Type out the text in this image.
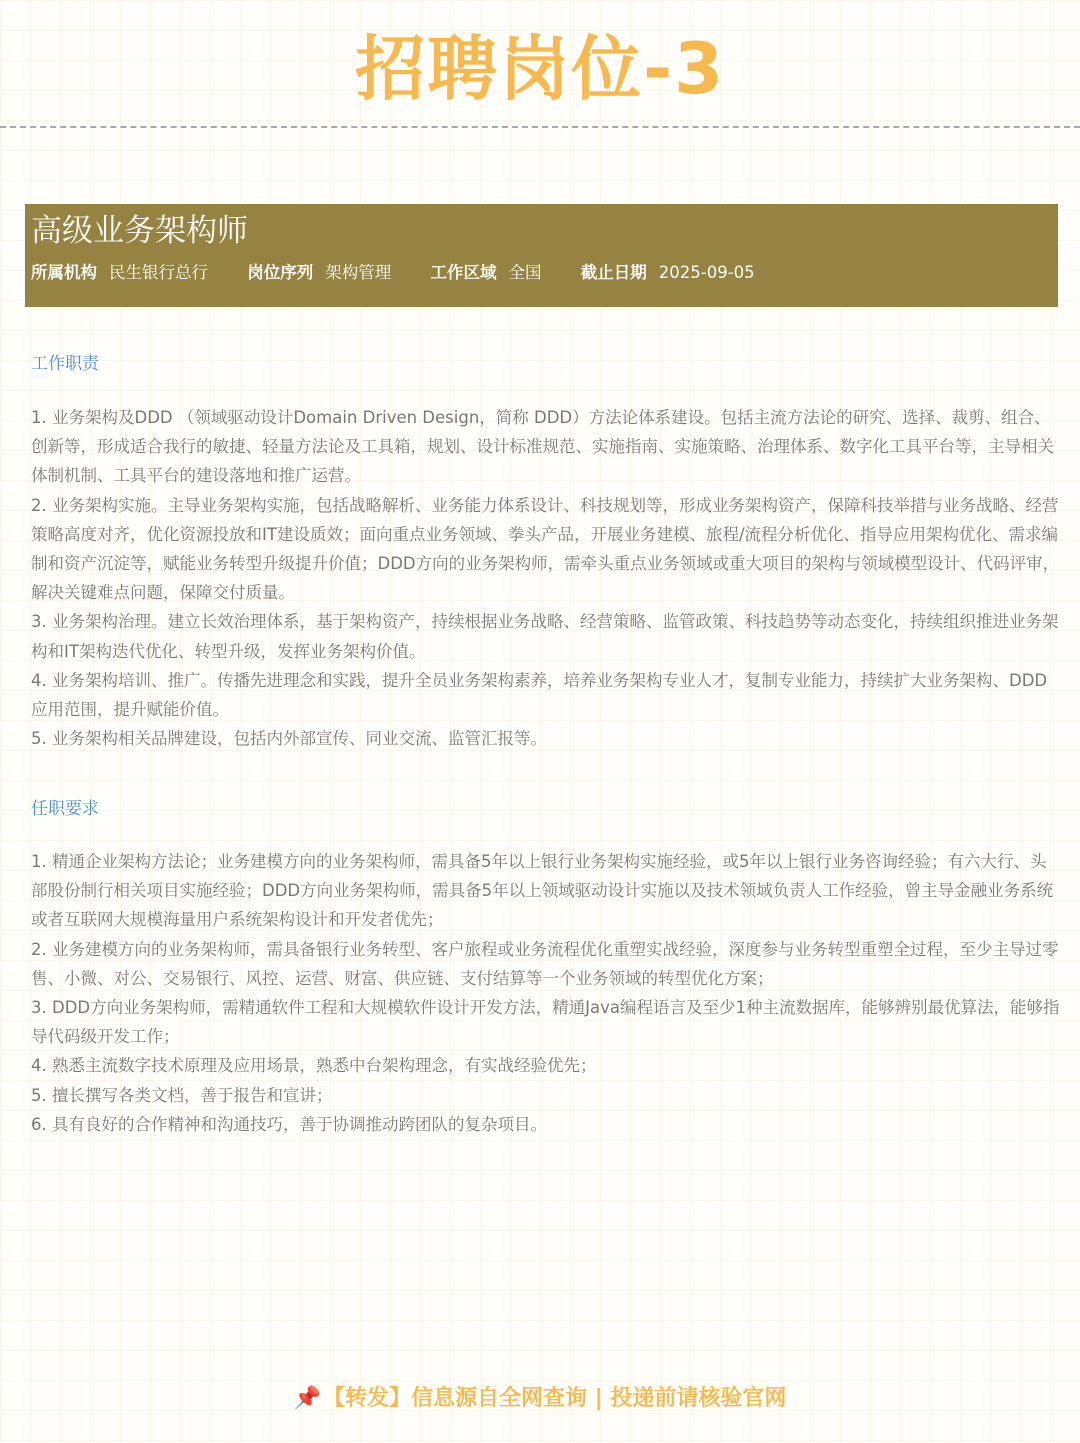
招聘岗位-3
高级业务架构师
所属机构 民生银行总行 岗位序列 架构管理 工作区域 全国 截止日期 2025-09-05
工作职责

1. 业务架构及DDD （领域驱动设计Domain Driven Design，简称 DDD）方法论体系建设。包括主流方法论的研究、选择、裁剪、组合、创新等，形成适合我行的敏捷、轻量方法论及工具箱，规划、设计标准规范、实施指南、实施策略、治理体系、数字化工具平台等，主导相关体制机制、工具平台的建设落地和推广运营。

2. 业务架构实施。主导业务架构实施，包括战略解析、业务能力体系设计、科技规划等，形成业务架构资产，保障科技举措与业务战略、经营策略高度对齐，优化资源投放和IT建设质效；面向重点业务领域、拳头产品，开展业务建模、旅程/流程分析优化、指导应用架构优化、需求编制和资产沉淀等，赋能业务转型升级提升价值；DDD方向的业务架构师，需牵头重点业务领域或重大项目的架构与领域模型设计、代码评审，解决关键难点问题，保障交付质量。

3. 业务架构治理。建立长效治理体系，基于架构资产，持续根据业务战略、经营策略、监管政策、科技趋势等动态变化，持续组织推进业务架构和IT架构迭代优化、转型升级，发挥业务架构价值。

4. 业务架构培训、推广。传播先进理念和实践，提升全员业务架构素养，培养业务架构专业人才，复制专业能力，持续扩大业务架构、DDD应用范围，提升赋能价值。

5. 业务架构相关品牌建设，包括内外部宣传、同业交流、监管汇报等。

任职要求

1. 精通企业架构方法论；业务建模方向的业务架构师，需具备5年以上银行业务架构实施经验，或5年以上银行业务咨询经验；有六大行、头部股份制行相关项目实施经验；DDD方向业务架构师，需具备5年以上领域驱动设计实施以及技术领域负责人工作经验，曾主导金融业务系统或者互联网大规模海量用户系统架构设计和开发者优先；

2. 业务建模方向的业务架构师，需具备银行业务转型、客户旅程或业务流程优化重塑实战经验，深度参与业务转型重塑全过程，至少主导过零售、小微、对公、交易银行、风控、运营、财富、供应链、支付结算等一个业务领域的转型优化方案；

3. DDD方向业务架构师，需精通软件工程和大规模软件设计开发方法，精通Java编程语言及至少1种主流数据库，能够辨别最优算法，能够指导代码级开发工作；

4. 熟悉主流数字技术原理及应用场景，熟悉中台架构理念，有实战经验优先；

5. 擅长撰写各类文档，善于报告和宣讲；

6. 具有良好的合作精神和沟通技巧，善于协调推动跨团队的复杂项目。

📌【转发】信息源自全网查询 | 投递前请核验官网
